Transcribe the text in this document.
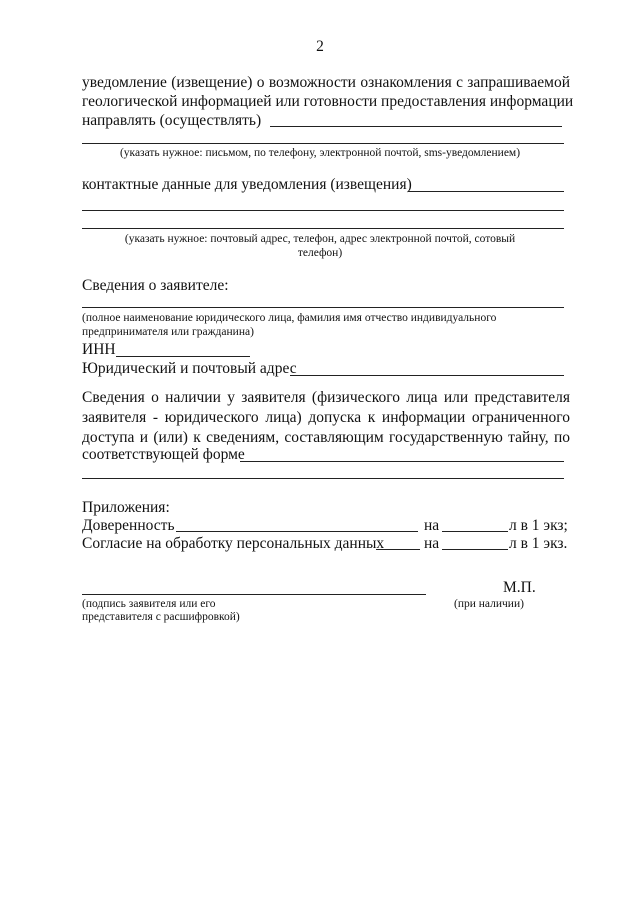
2
уведомление (извещение) о возможности ознакомления с запрашиваемой
геологической информацией или готовности предоставления информации
направлять (осуществлять)
(указать нужное: письмом, по телефону, электронной почтой, sms-уведомлением)
контактные данные для уведомления (извещения)
(указать нужное: почтовый адрес, телефон, адрес электронной почтой, сотовый
телефон)
Сведения о заявителе:
(полное наименование юридического лица, фамилия имя отчество индивидуального
предпринимателя или гражданина)
ИНН
Юридический и почтовый адрес
Сведения о наличии у заявителя (физического лица или представителя
заявителя - юридического лица) допуска к информации ограниченного
доступа и (или) к сведениям, составляющим государственную тайну, по
соответствующей форме
Приложения:
Доверенность	на	л в 1 экз;
Согласие на обработку персональных данных	на	л в 1 экз.
М.П.
(подпись заявителя или его	(при наличии)
представителя с расшифровкой)
